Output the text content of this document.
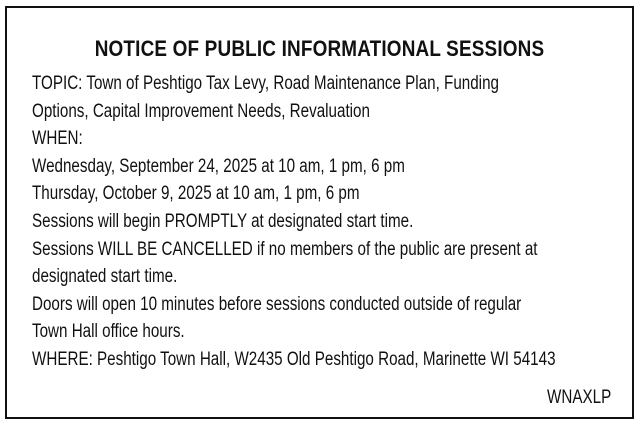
NOTICE OF PUBLIC INFORMATIONAL SESSIONS
TOPIC: Town of Peshtigo Tax Levy, Road Maintenance Plan, Funding
Options, Capital Improvement Needs, Revaluation
WHEN:
Wednesday, September 24, 2025 at 10 am, 1 pm, 6 pm
Thursday, October 9, 2025 at 10 am, 1 pm, 6 pm
Sessions will begin PROMPTLY at designated start time.
Sessions WILL BE CANCELLED if no members of the public are present at
designated start time.
Doors will open 10 minutes before sessions conducted outside of regular
Town Hall office hours.
WHERE: Peshtigo Town Hall, W2435 Old Peshtigo Road, Marinette WI 54143
WNAXLP
